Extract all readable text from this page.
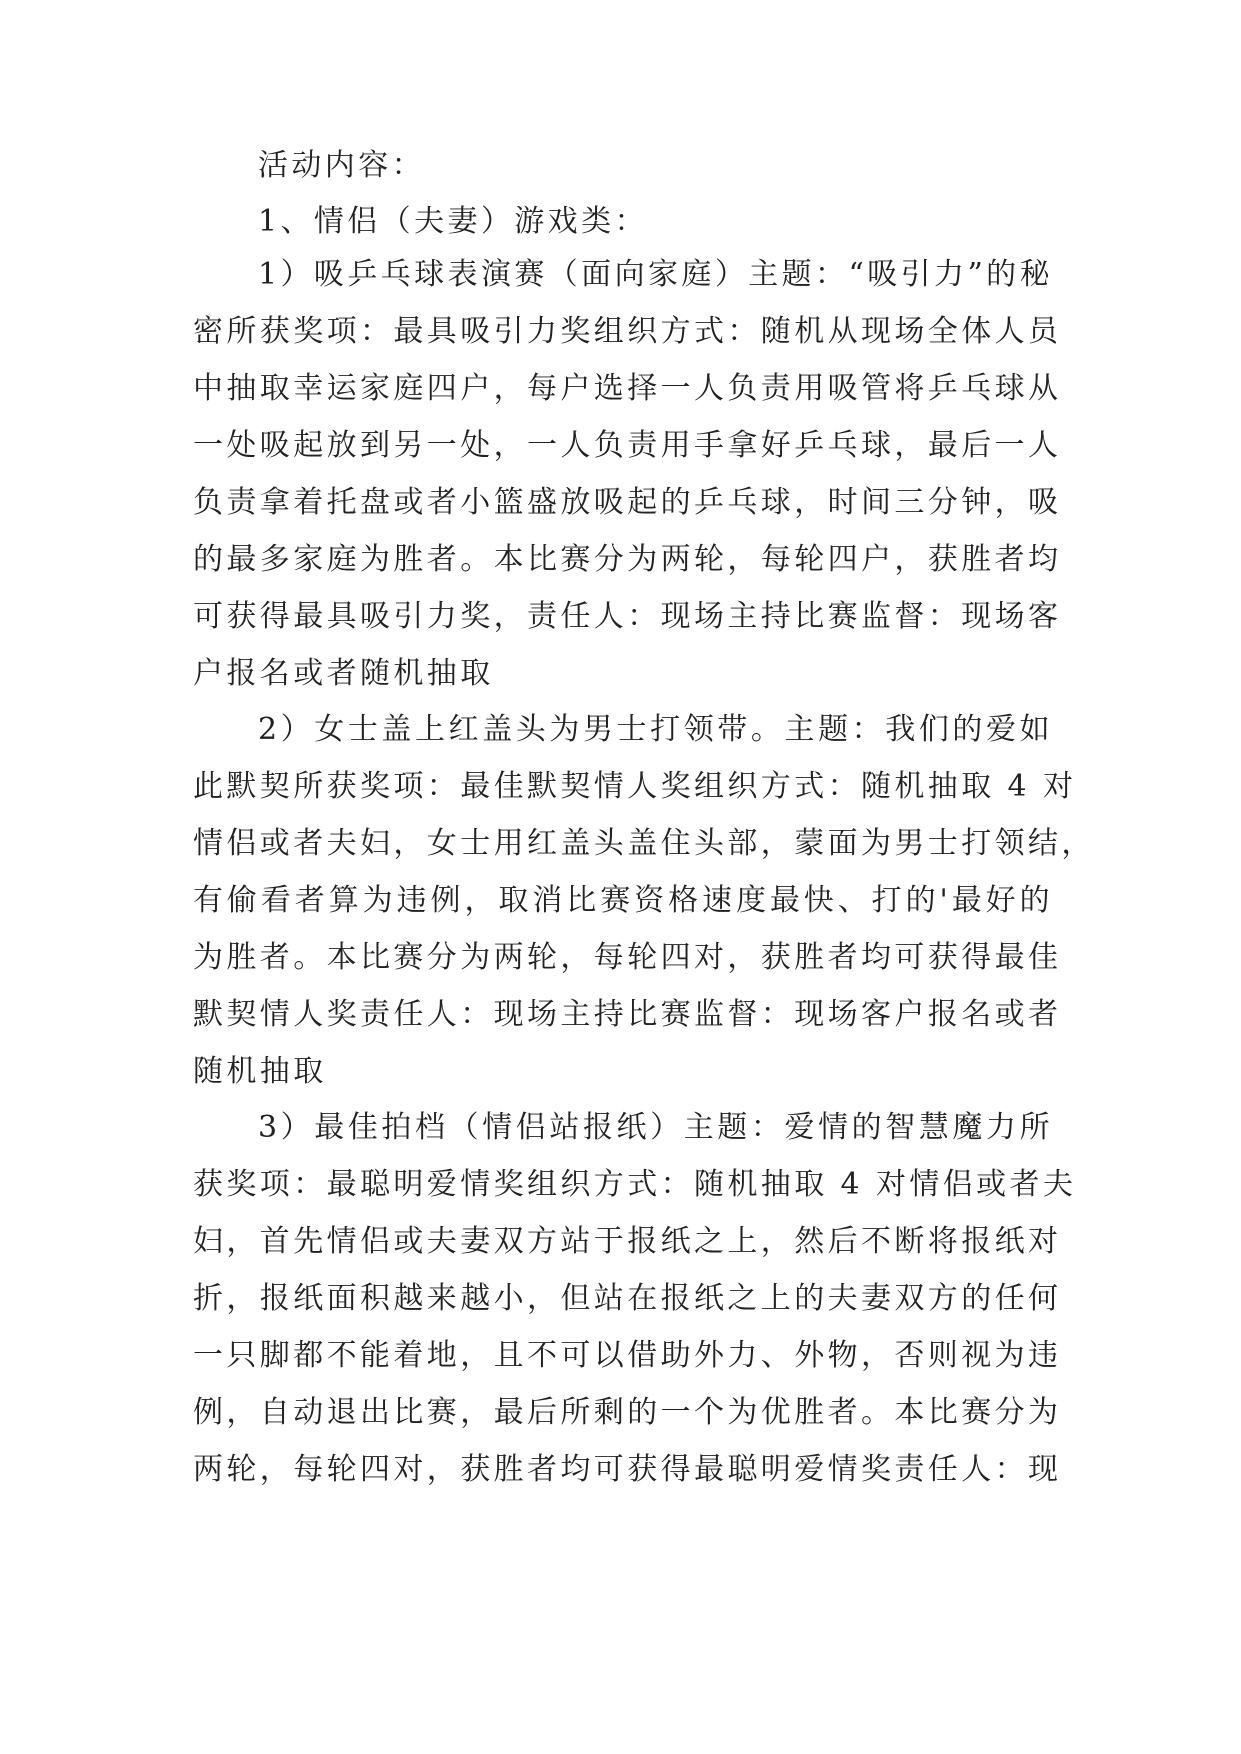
活动内容：
1、情侣（夫妻）游戏类：
1）吸乒乓球表演赛（面向家庭）主题：“吸引力”的秘
密所获奖项：最具吸引力奖组织方式：随机从现场全体人员
中抽取幸运家庭四户，每户选择一人负责用吸管将乒乓球从
一处吸起放到另一处，一人负责用手拿好乒乓球，最后一人
负责拿着托盘或者小篮盛放吸起的乒乓球，时间三分钟，吸
的最多家庭为胜者。本比赛分为两轮，每轮四户，获胜者均
可获得最具吸引力奖，责任人：现场主持比赛监督：现场客
户报名或者随机抽取
2）女士盖上红盖头为男士打领带。主题：我们的爱如
此默契所获奖项：最佳默契情人奖组织方式：随机抽取 4 对
情侣或者夫妇，女士用红盖头盖住头部，蒙面为男士打领结，
有偷看者算为违例，取消比赛资格速度最快、打的'最好的
为胜者。本比赛分为两轮，每轮四对，获胜者均可获得最佳
默契情人奖责任人：现场主持比赛监督：现场客户报名或者
随机抽取
3）最佳拍档（情侣站报纸）主题：爱情的智慧魔力所
获奖项：最聪明爱情奖组织方式：随机抽取 4 对情侣或者夫
妇，首先情侣或夫妻双方站于报纸之上，然后不断将报纸对
折，报纸面积越来越小，但站在报纸之上的夫妻双方的任何
一只脚都不能着地，且不可以借助外力、外物，否则视为违
例，自动退出比赛，最后所剩的一个为优胜者。本比赛分为
两轮，每轮四对，获胜者均可获得最聪明爱情奖责任人：现
